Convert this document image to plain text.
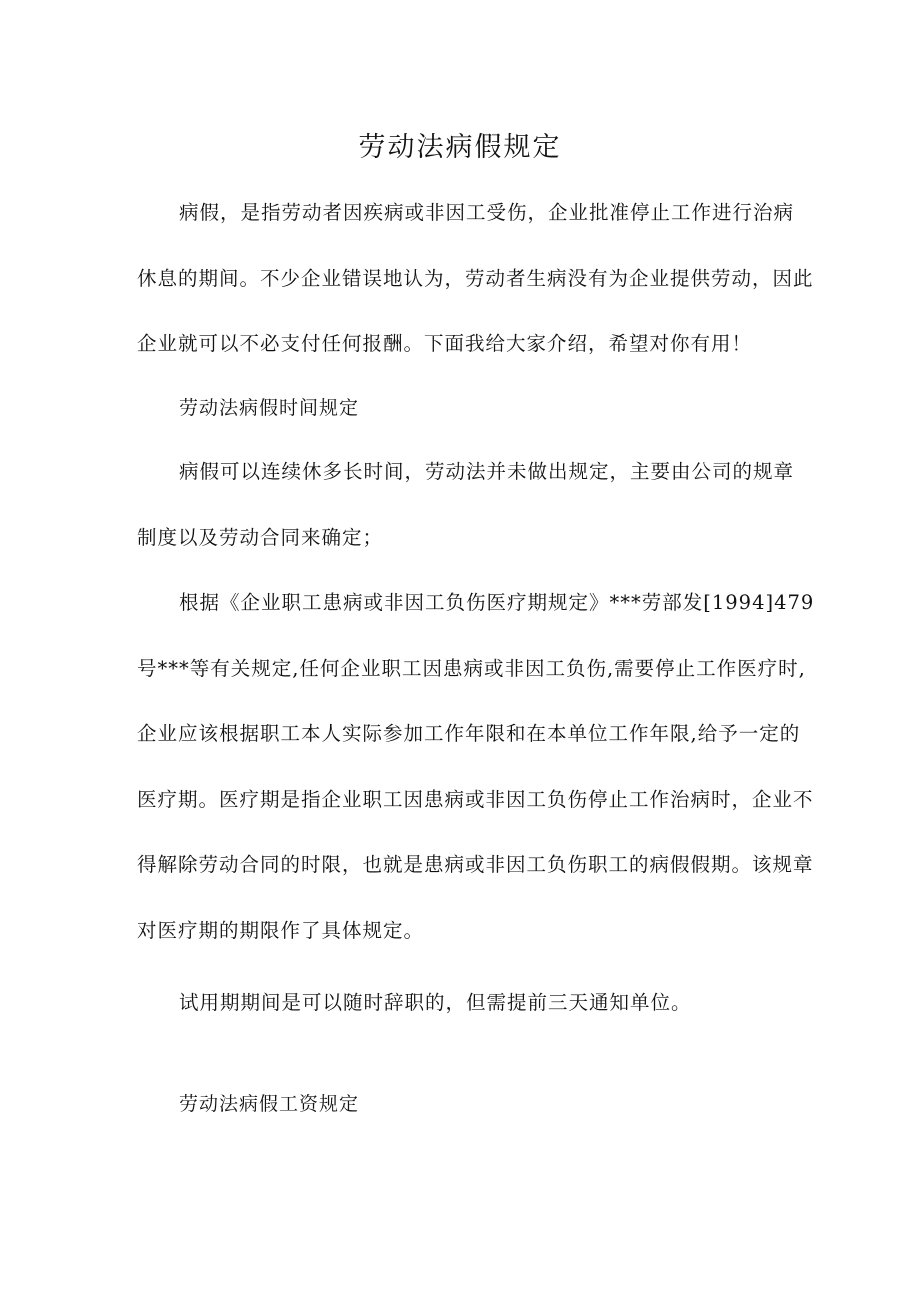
劳动法病假规定
病假，是指劳动者因疾病或非因工受伤，企业批准停止工作进行治病
休息的期间。不少企业错误地认为，劳动者生病没有为企业提供劳动，因此
企业就可以不必支付任何报酬。下面我给大家介绍，希望对你有用！
劳动法病假时间规定
病假可以连续休多长时间，劳动法并未做出规定，主要由公司的规章
制度以及劳动合同来确定；
根据《企业职工患病或非因工负伤医疗期规定》***劳部发[1994]479
号***等有关规定,任何企业职工因患病或非因工负伤,需要停止工作医疗时,
企业应该根据职工本人实际参加工作年限和在本单位工作年限,给予一定的
医疗期。医疗期是指企业职工因患病或非因工负伤停止工作治病时，企业不
得解除劳动合同的时限，也就是患病或非因工负伤职工的病假假期。该规章
对医疗期的期限作了具体规定。
试用期期间是可以随时辞职的，但需提前三天通知单位。
劳动法病假工资规定
